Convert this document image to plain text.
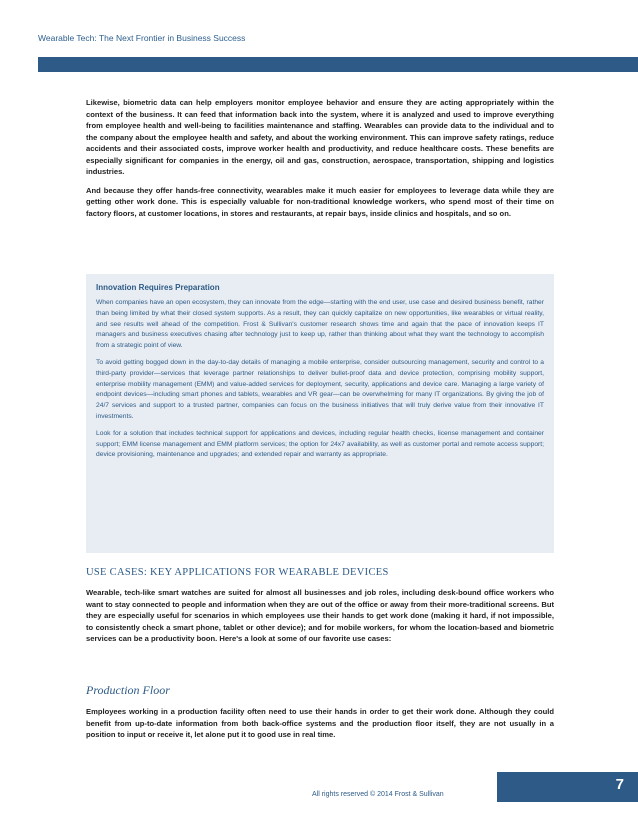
Wearable Tech: The Next Frontier in Business Success

Likewise, biometric data can help employers monitor employee behavior and ensure they are acting appropriately within the context of the business. It can feed that information back into the system, where it is analyzed and used to improve everything from employee health and well-being to facilities maintenance and staffing. Wearables can provide data to the individual and to the company about the employee health and safety, and about the working environment. This can improve safety ratings, reduce accidents and their associated costs, improve worker health and productivity, and reduce healthcare costs. These benefits are especially significant for companies in the energy, oil and gas, construction, aerospace, transportation, shipping and logistics industries.

And because they offer hands-free connectivity, wearables make it much easier for employees to leverage data while they are getting other work done. This is especially valuable for non-traditional knowledge workers, who spend most of their time on factory floors, at customer locations, in stores and restaurants, at repair bays, inside clinics and hospitals, and so on.

Innovation Requires Preparation

When companies have an open ecosystem, they can innovate from the edge—starting with the end user, use case and desired business benefit, rather than being limited by what their closed system supports. As a result, they can quickly capitalize on new opportunities, like wearables or virtual reality, and see results well ahead of the competition. Frost & Sullivan's customer research shows time and again that the pace of innovation keeps IT managers and business executives chasing after technology just to keep up, rather than thinking about what they want the technology to accomplish from a strategic point of view.

To avoid getting bogged down in the day-to-day details of managing a mobile enterprise, consider outsourcing management, security and control to a third-party provider—services that leverage partner relationships to deliver bullet-proof data and device protection, comprising mobility support, enterprise mobility management (EMM) and value-added services for deployment, security, applications and device care. Managing a large variety of endpoint devices—including smart phones and tablets, wearables and VR gear—can be overwhelming for many IT organizations. By giving the job of 24/7 services and support to a trusted partner, companies can focus on the business initiatives that will truly derive value from their innovative IT investments.

Look for a solution that includes technical support for applications and devices, including regular health checks, license management and container support; EMM license management and EMM platform services; the option for 24x7 availability, as well as customer portal and remote access support; device provisioning, maintenance and upgrades; and extended repair and warranty as appropriate.

USE CASES: KEY APPLICATIONS FOR WEARABLE DEVICES

Wearable, tech-like smart watches are suited for almost all businesses and job roles, including desk-bound office workers who want to stay connected to people and information when they are out of the office or away from their more-traditional screens. But they are especially useful for scenarios in which employees use their hands to get work done (making it hard, if not impossible, to consistently check a smart phone, tablet or other device); and for mobile workers, for whom the location-based and biometric services can be a productivity boon. Here's a look at some of our favorite use cases:

Production Floor

Employees working in a production facility often need to use their hands in order to get their work done. Although they could benefit from up-to-date information from both back-office systems and the production floor itself, they are not usually in a position to input or receive it, let alone put it to good use in real time.

All rights reserved © 2014 Frost & Sullivan
7
